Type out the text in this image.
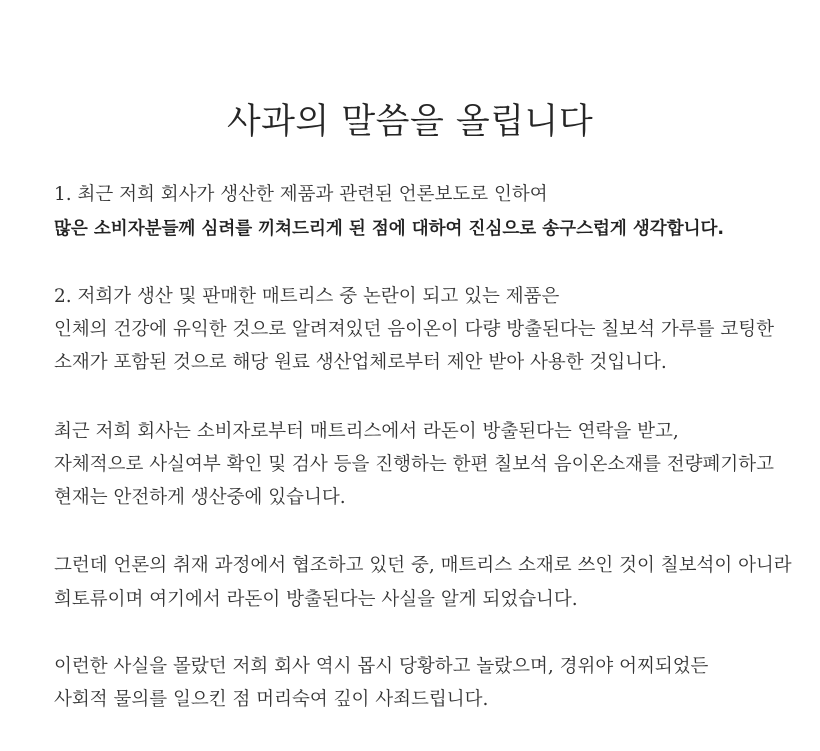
사과의 말씀을 올립니다
1. 최근 저희 회사가 생산한 제품과 관련된 언론보도로 인하여
많은 소비자분들께 심려를 끼쳐드리게 된 점에 대하여 진심으로 송구스럽게 생각합니다.
2. 저희가 생산 및 판매한 매트리스 중 논란이 되고 있는 제품은
인체의 건강에 유익한 것으로 알려져있던 음이온이 다량 방출된다는 칠보석 가루를 코팅한
소재가 포함된 것으로 해당 원료 생산업체로부터 제안 받아 사용한 것입니다.
최근 저희 회사는 소비자로부터 매트리스에서 라돈이 방출된다는 연락을 받고,
자체적으로 사실여부 확인 및 검사 등을 진행하는 한편 칠보석 음이온소재를 전량폐기하고
현재는 안전하게 생산중에 있습니다.
그런데 언론의 취재 과정에서 협조하고 있던 중, 매트리스 소재로 쓰인 것이 칠보석이 아니라
희토류이며 여기에서 라돈이 방출된다는 사실을 알게 되었습니다.
이런한 사실을 몰랐던 저희 회사 역시 몹시 당황하고 놀랐으며, 경위야 어찌되었든
사회적 물의를 일으킨 점 머리숙여 깊이 사죄드립니다.
